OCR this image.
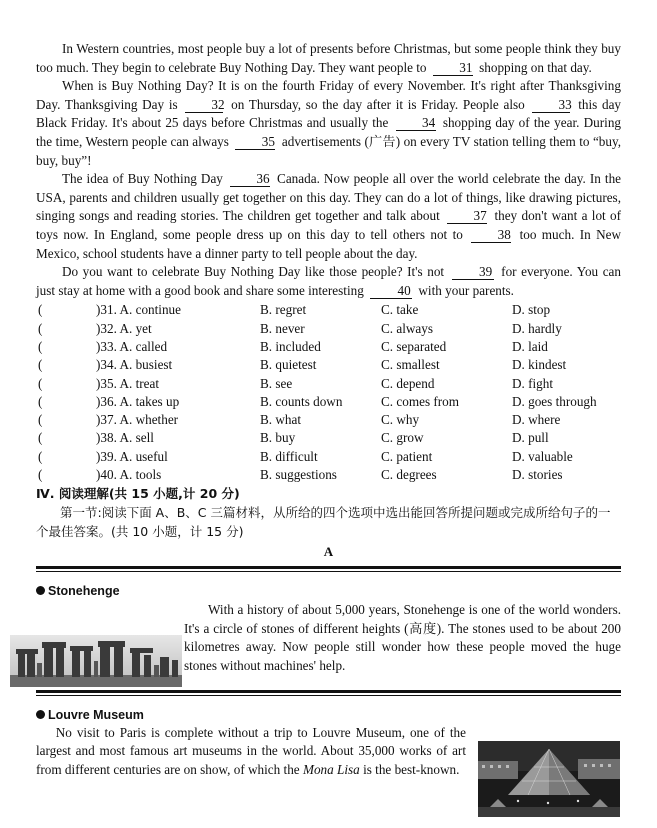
In Western countries, most people buy a lot of presents before Christmas, but some people think they buy too much. They begin to celebrate Buy Nothing Day. They want people to 31 shopping on that day.

When is Buy Nothing Day? It is on the fourth Friday of every November. It's right after Thanksgiving Day. Thanksgiving Day is	32 on Thursday, so the day after it is Friday. People also	33 this day Black Friday. It's about 25 days before Christmas and usually the	34 shopping day of the year. During the time, Western people can always 35 advertisements (广告) on every TV station telling them to “buy, buy, buy”!

The idea of Buy Nothing Day	36 Canada. Now people all over the world celebrate the day. In the USA, parents and children usually get together on this day. They can do a lot of things, like drawing pictures, singing songs and reading stories. The children get together and talk about	37 they don't want a lot of toys now. In England, some people dress up on this day to tell others not to	38 too much. In New Mexico, school students have a dinner party to tell people about the day.

Do you want to celebrate Buy Nothing Day like those people? It's not	39 for everyone. You can just stay at home with a good book and share some interesting	40 with your parents.

(	)31. A. continue	B. regret	C. take	D. stop
(	)32. A. yet	B. never	C. always	D. hardly
(	)33. A. called	B. included	C. separated	D. laid
(	)34. A. busiest	B. quietest	C. smallest	D. kindest
(	)35. A. treat	B. see	C. depend	D. fight
(	)36. A. takes up	B. counts down	C. comes from	D. goes through
(	)37. A. whether	B. what	C. why	D. where
(	)38. A. sell	B. buy	C. grow	D. pull
(	)39. A. useful	B. difficult	C. patient	D. valuable
(	)40. A. tools	B. suggestions	C. degrees	D. stories
Ⅳ. 阅读理解(共 15 小题,计 20 分)
第一节:阅读下面 A、B、C 三篇材料，从所给的四个选项中选出能回答所提问题或完成所给句子的一个最佳答案。(共 10 小题，计 15 分)
A
Stonehenge
With a history of about 5,000 years, Stonehenge is one of the world wonders. It's a circle of stones of different heights (高度). The stones used to be about 200 kilometres away. Now people still wonder how these people moved the huge stones without machines' help.
Louvre Museum
No visit to Paris is complete without a trip to Louvre Museum, one of the largest and most famous art museums in the world. About 35,000 works of art from different centuries are on show, of which the Mona Lisa is the best-known.
